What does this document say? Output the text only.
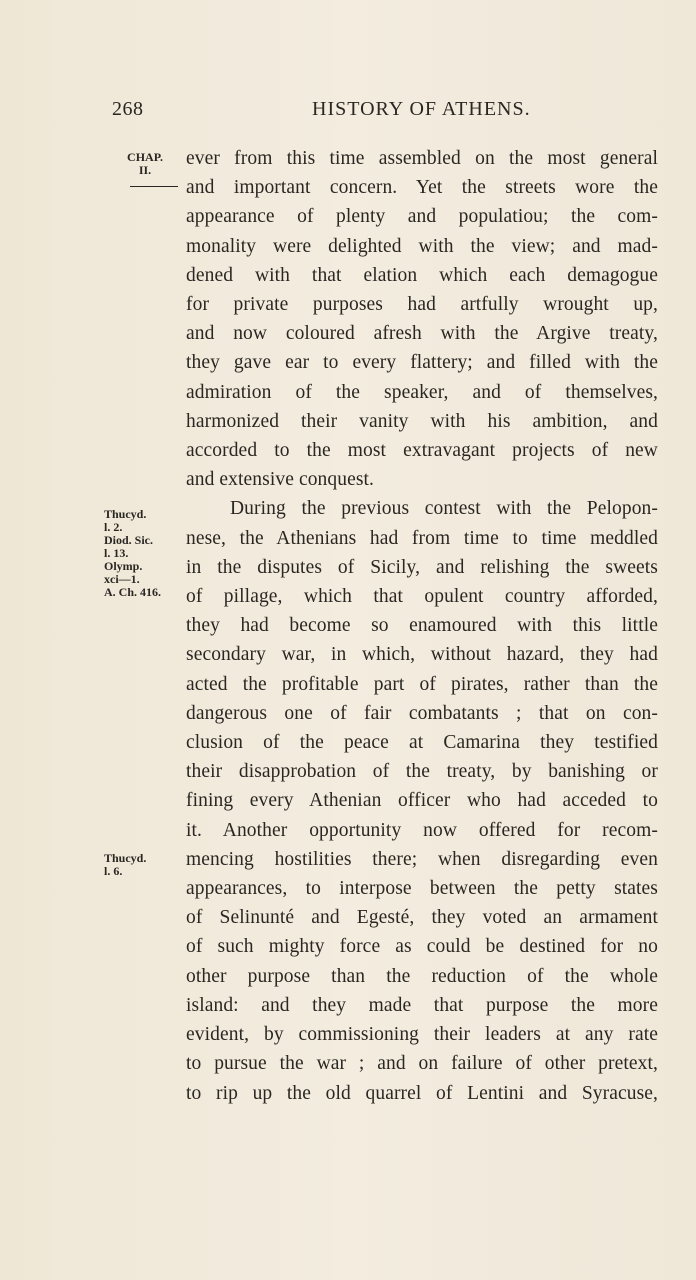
268	HISTORY OF ATHENS.
CHAP.
II.
Thucyd.
l. 2.
Diod. Sic.
l. 13.
Olymp.
xci—1.
A. Ch. 416.
Thucyd.
l. 6.
ever from this time assembled on the most general
and important concern. Yet the streets wore the
appearance of plenty and populatiou; the com-
monality were delighted with the view; and mad-
dened with that elation which each demagogue
for private purposes had artfully wrought up,
and now coloured afresh with the Argive treaty,
they gave ear to every flattery; and filled with the
admiration of the speaker, and of themselves,
harmonized their vanity with his ambition, and
accorded to the most extravagant projects of new
and extensive conquest.
During the previous contest with the Pelopon-
nese, the Athenians had from time to time meddled
in the disputes of Sicily, and relishing the sweets
of pillage, which that opulent country afforded,
they had become so enamoured with this little
secondary war, in which, without hazard, they had
acted the profitable part of pirates, rather than the
dangerous one of fair combatants ; that on con-
clusion of the peace at Camarina they testified
their disapprobation of the treaty, by banishing or
fining every Athenian officer who had acceded to
it. Another opportunity now offered for recom-
mencing hostilities there; when disregarding even
appearances, to interpose between the petty states
of Selinunté and Egesté, they voted an armament
of such mighty force as could be destined for no
other purpose than the reduction of the whole
island: and they made that purpose the more
evident, by commissioning their leaders at any rate
to pursue the war ; and on failure of other pretext,
to rip up the old quarrel of Lentini and Syracuse,
